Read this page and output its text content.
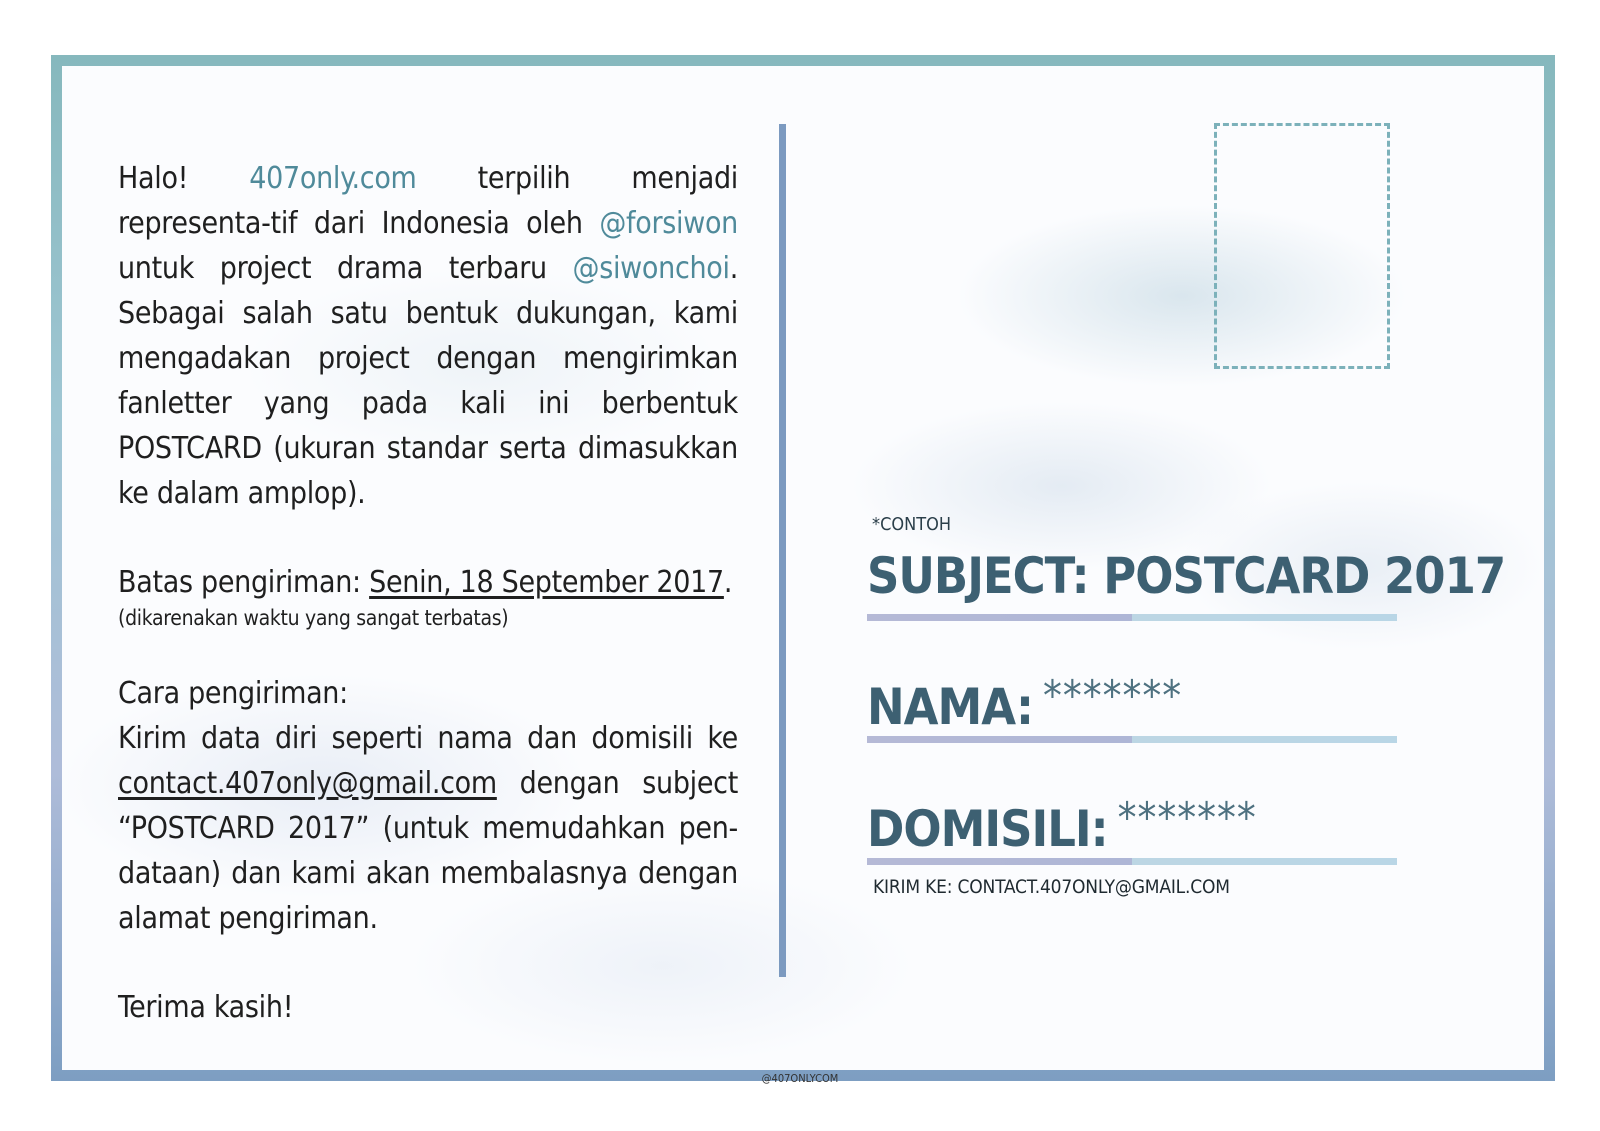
Halo! 407only.com terpilih menjadi representa-tif dari Indonesia oleh @forsiwon untuk project drama terbaru @siwonchoi. Sebagai salah satu bentuk dukungan, kami mengadakan project dengan mengirimkan fanletter yang pada kali ini berbentuk POSTCARD (ukuran standar serta dimasukkan ke dalam amplop).

Batas pengiriman: Senin, 18 September 2017.

(dikarenakan waktu yang sangat terbatas)

Cara pengiriman:

Kirim data diri seperti nama dan domisili ke contact.407only@gmail.com dengan subject “POSTCARD 2017” (untuk memudahkan pen-dataan) dan kami akan membalasnya dengan alamat pengiriman.

Terima kasih!

*CONTOH
SUBJECT: POSTCARD 2017
NAMA: *******
DOMISILI: *******
KIRIM KE: CONTACT.407ONLY@GMAIL.COM
@407ONLYCOM
